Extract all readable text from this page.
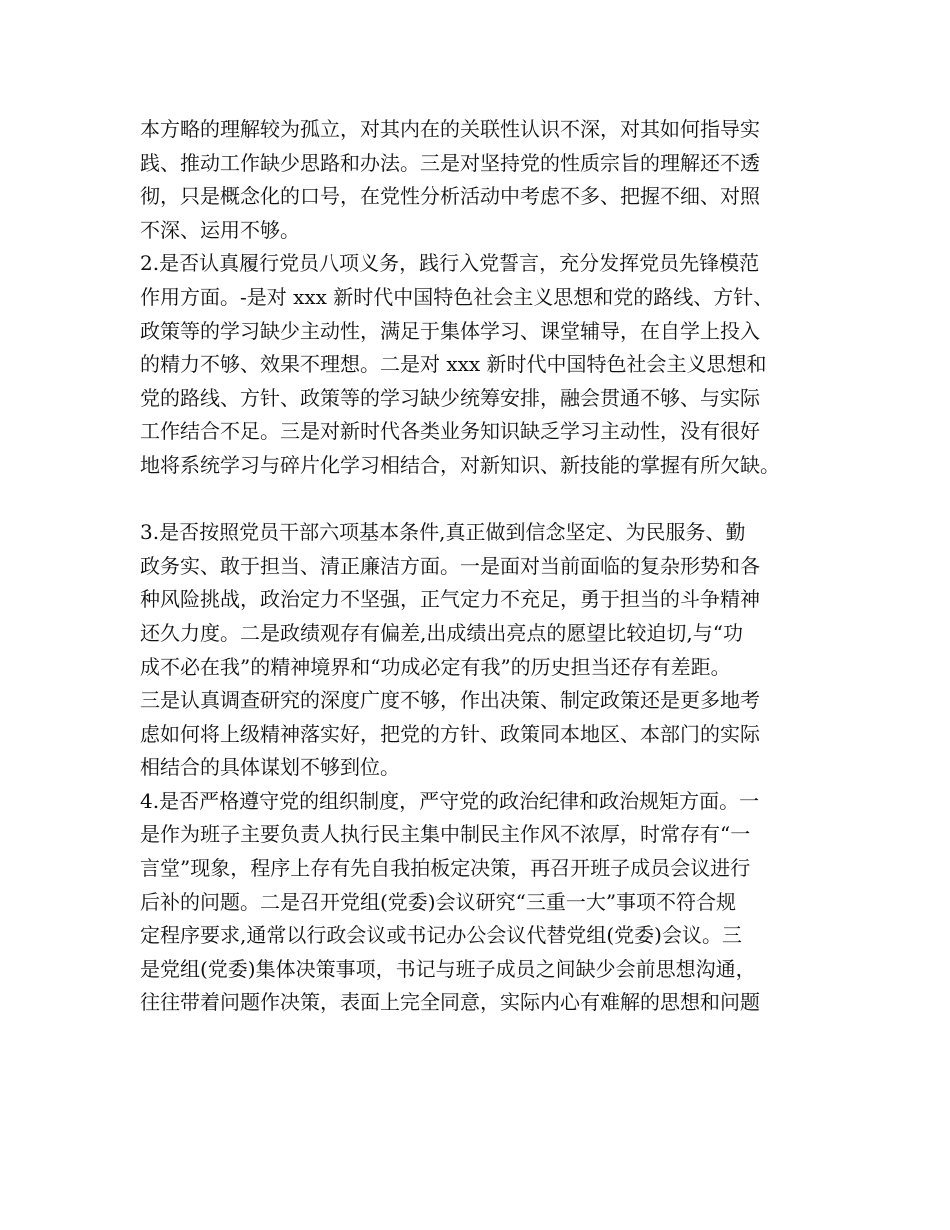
本方略的理解较为孤立，对其内在的关联性认识不深，对其如何指导实
践、推动工作缺少思路和办法。三是对坚持党的性质宗旨的理解还不透
彻，只是概念化的口号，在党性分析活动中考虑不多、把握不细、对照
不深、运用不够。
2.是否认真履行党员八项义务，践行入党誓言，充分发挥党员先锋模范
作用方面。-是对 xxx 新时代中国特色社会主义思想和党的路线、方针、
政策等的学习缺少主动性，满足于集体学习、课堂辅导，在自学上投入
的精力不够、效果不理想。二是对 xxx 新时代中国特色社会主义思想和
党的路线、方针、政策等的学习缺少统筹安排，融会贯通不够、与实际
工作结合不足。三是对新时代各类业务知识缺乏学习主动性，没有很好
地将系统学习与碎片化学习相结合，对新知识、新技能的掌握有所欠缺。
3.是否按照党员干部六项基本条件,真正做到信念坚定、为民服务、勤
政务实、敢于担当、清正廉洁方面。一是面对当前面临的复杂形势和各
种风险挑战，政治定力不坚强，正气定力不充足，勇于担当的斗争精神
还久力度。二是政绩观存有偏差,出成绩出亮点的愿望比较迫切,与“功
成不必在我”的精神境界和“功成必定有我”的历史担当还存有差距。
三是认真调查研究的深度广度不够，作出决策、制定政策还是更多地考
虑如何将上级精神落实好，把党的方针、政策同本地区、本部门的实际
相结合的具体谋划不够到位。
4.是否严格遵守党的组织制度，严守党的政治纪律和政治规矩方面。一
是作为班子主要负责人执行民主集中制民主作风不浓厚，时常存有“一
言堂”现象，程序上存有先自我拍板定决策，再召开班子成员会议进行
后补的问题。二是召开党组(党委)会议研究“三重一大”事项不符合规
定程序要求,通常以行政会议或书记办公会议代替党组(党委)会议。三
是党组(党委)集体决策事项，书记与班子成员之间缺少会前思想沟通，
往往带着问题作决策，表面上完全同意，实际内心有难解的思想和问题
